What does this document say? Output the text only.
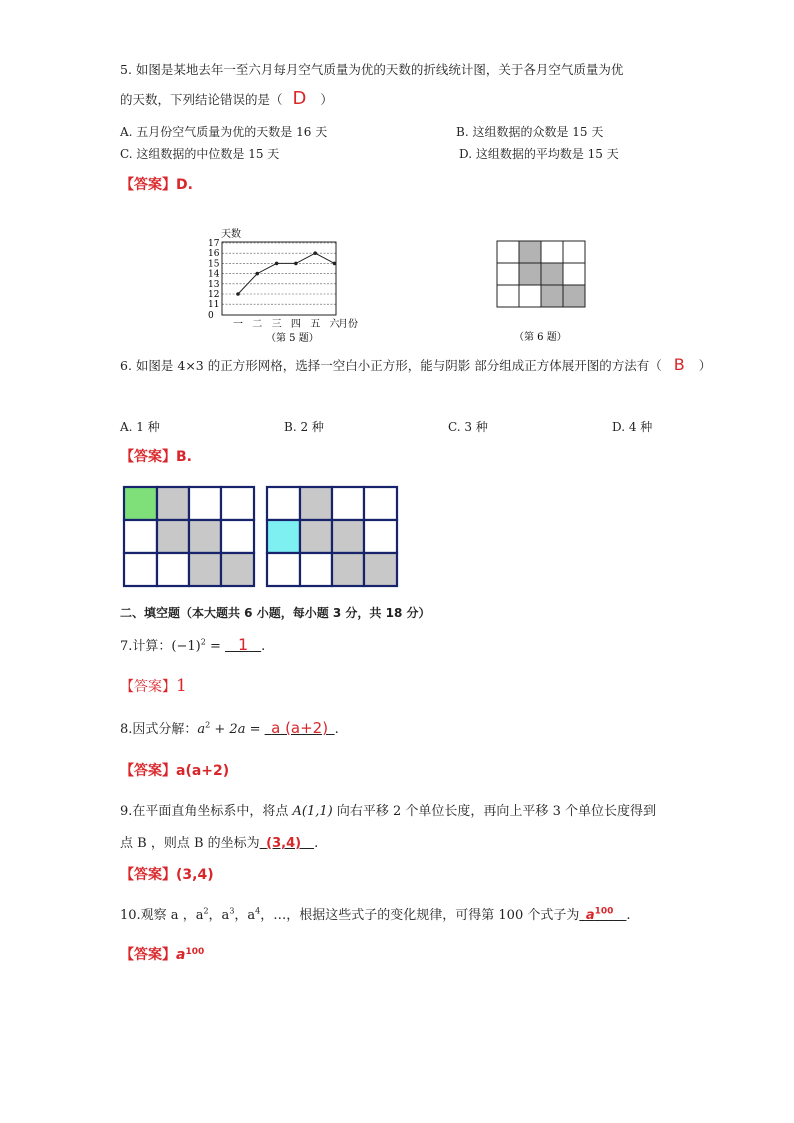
5. 如图是某地去年一至六月每月空气质量为优的天数的折线统计图，关于各月空气质量为优
的天数，下列结论错误的是（ D ）
A. 五月份空气质量为优的天数是 16 天	B. 这组数据的众数是 15 天
C. 这组数据的中位数是 15 天	D. 这组数据的平均数是 15 天
【答案】D.
天数
17
16
15
14
13
12
11
0
一 二 三 四 五 六
月份
（第 5 题）	（第 6 题）
6. 如图是 4×3 的正方形网格，选择一空白小正方形，能与阴影 部分组成正方体展开图的方法有（ B ）
A. 1 种	B. 2 种	C. 3 种	D. 4 种
【答案】B.
二、填空题（本大题共 6 小题，每小题 3 分，共 18 分）
7.计算：$(-1)^2$ =  1  .
【答案】1
8.因式分解：$a^2 + 2a$ =  a (a+2)  .
【答案】a(a+2)
9.在平面直角坐标系中，将点 A(1,1) 向右平移 2 个单位长度，再向上平移 3 个单位长度得到
点 B ，则点 B 的坐标为  (3,4)  .
【答案】(3,4)
10.观察 a ，$a^2$，$a^3$，$a^4$，…，根据这些式子的变化规律，可得第 100 个式子为  $a^{100}$  .
【答案】$a^{100}$
